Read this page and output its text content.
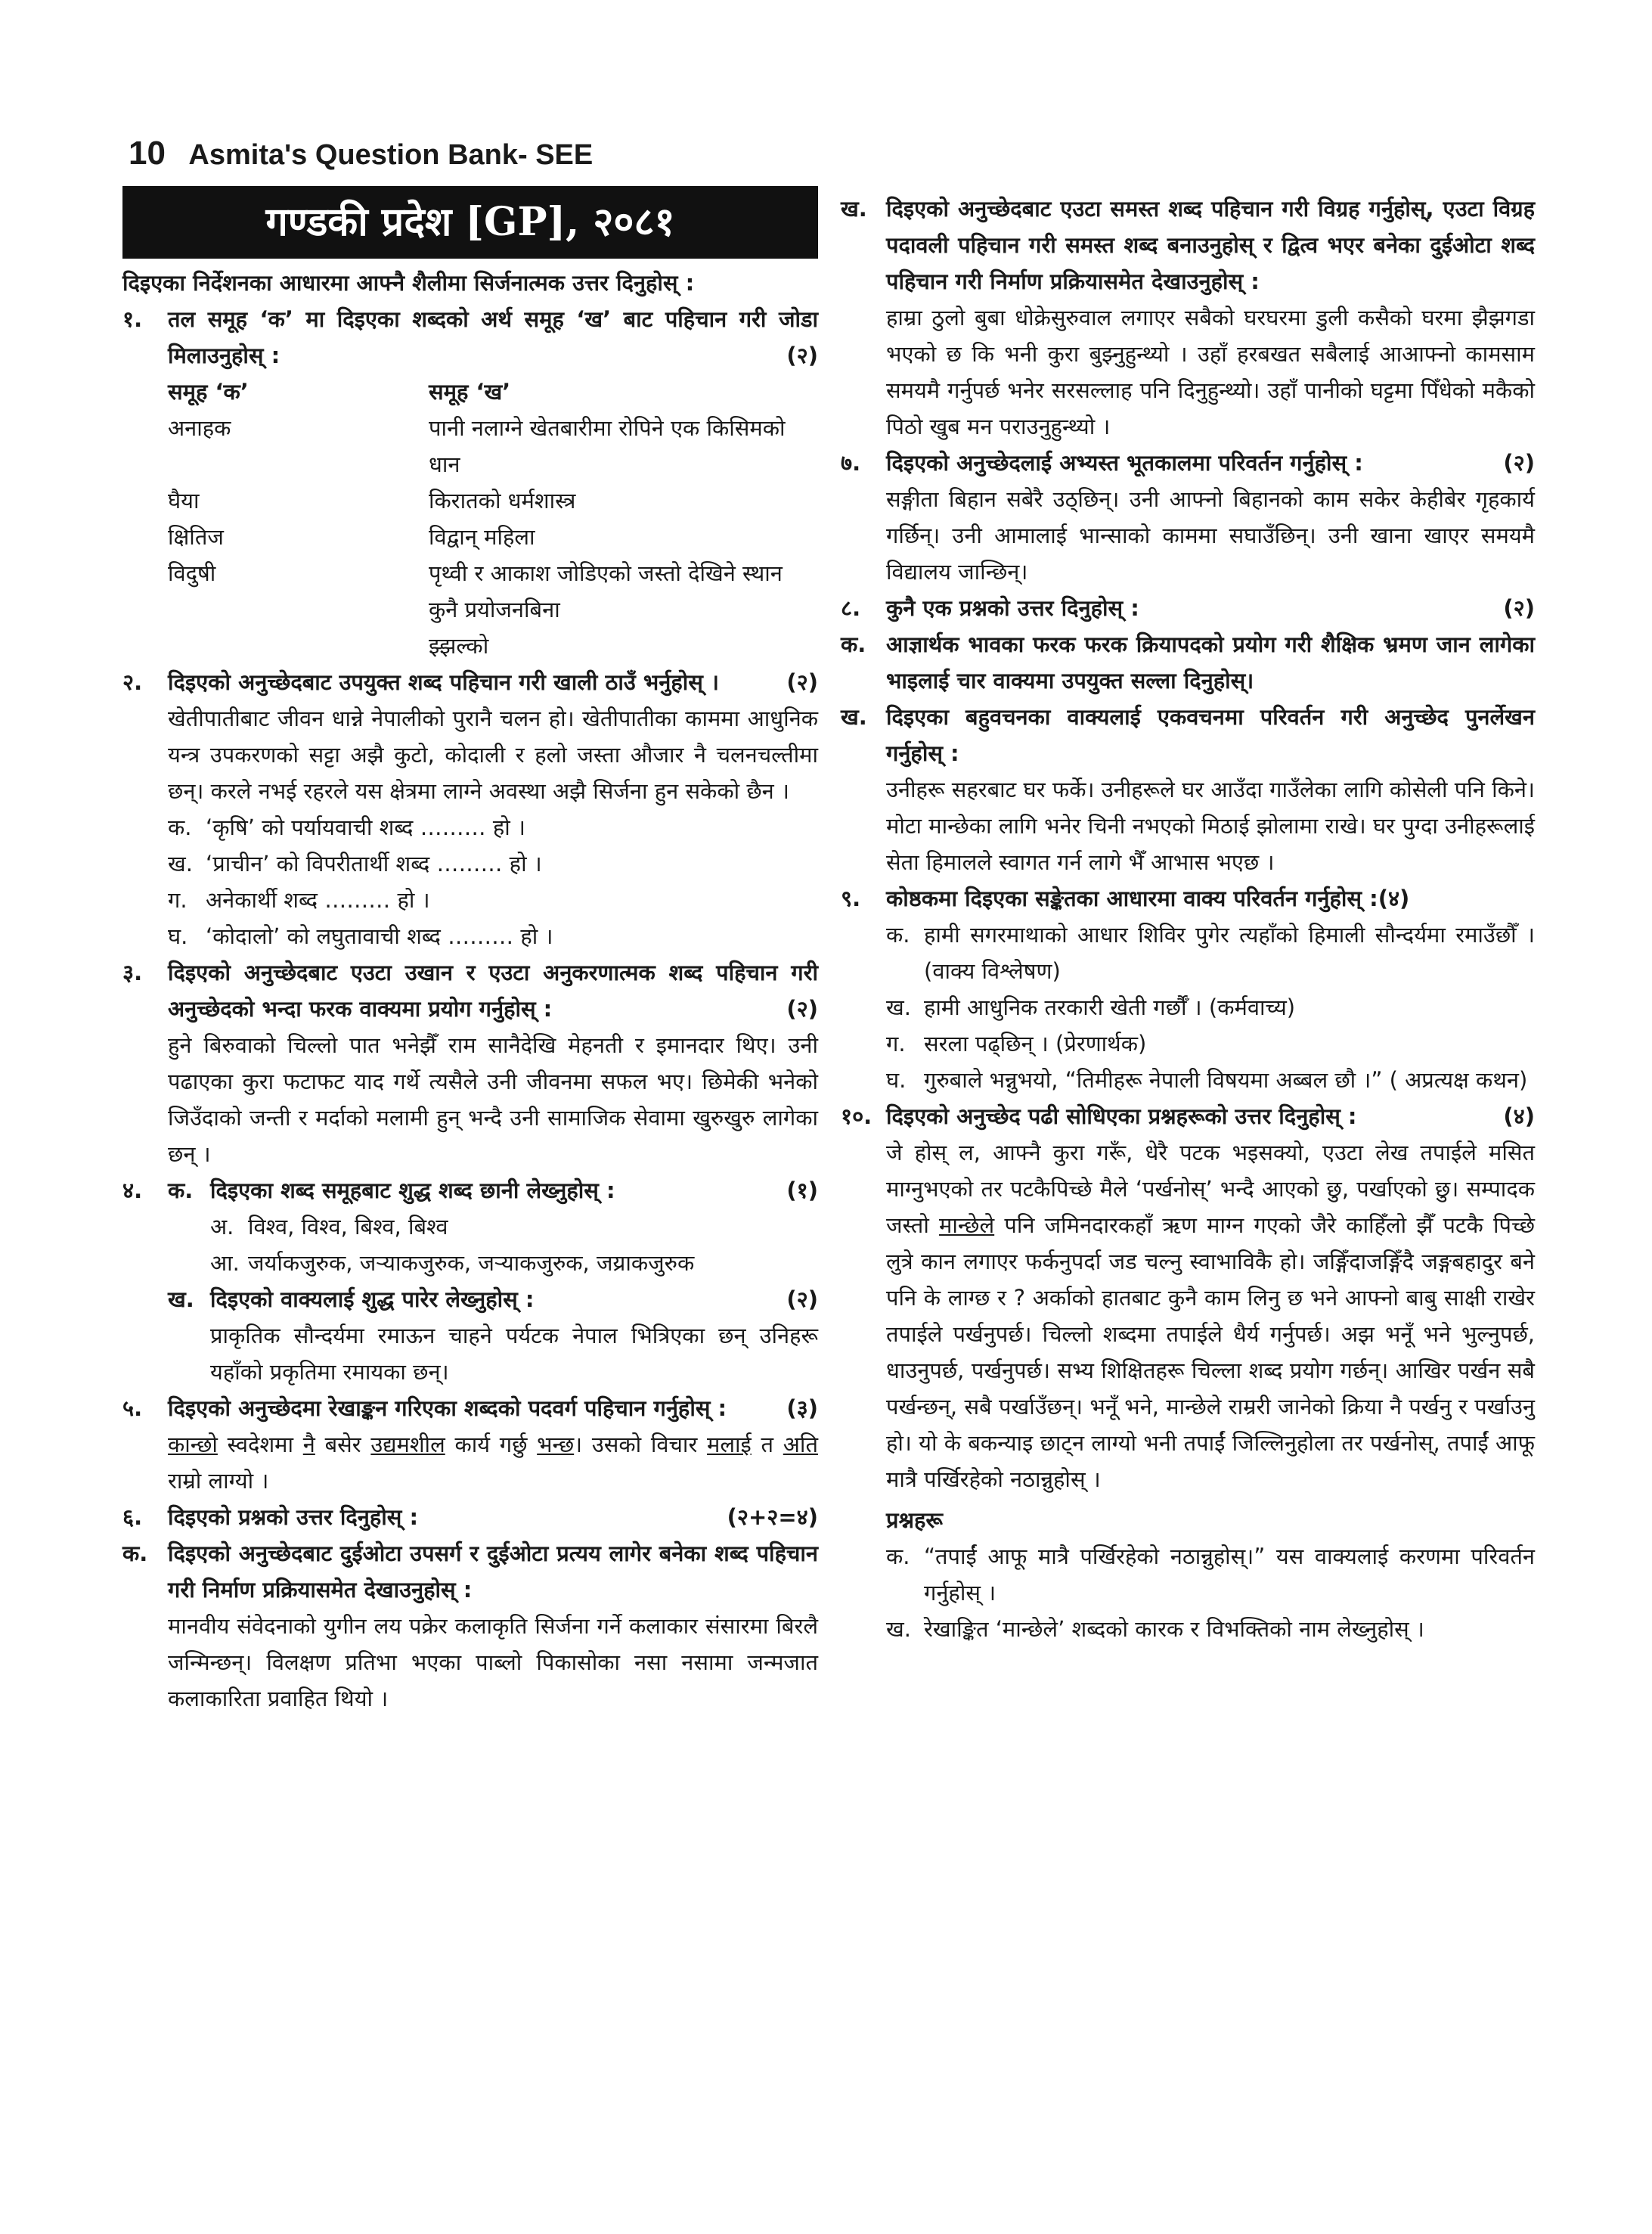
10 Asmita's Question Bank- SEE
गण्डकी प्रदेश [GP], २०८१
दिइएका निर्देशनका आधारमा आफ्नै शैलीमा सिर्जनात्मक उत्तर दिनुहोस् :
१.	तल समूह ‘क’ मा दिइएका शब्दको अर्थ समूह ‘ख’ बाट पहिचान गरी जोडा मिलाउनुहोस् :	(२)
समूह ‘क’	समूह ‘ख’
अनाहक	पानी नलाग्ने खेतबारीमा रोपिने एक किसिमको धान
घैया	किरातको धर्मशास्त्र
क्षितिज	विद्वान् महिला
विदुषी	पृथ्वी र आकाश जोडिएको जस्तो देखिने स्थान
कुनै प्रयोजनबिना
झ्झल्को
२.	दिइएको अनुच्छेदबाट उपयुक्त शब्द पहिचान गरी खाली ठाउँ भर्नुहोस् ।	(२)
खेतीपातीबाट जीवन धान्ने नेपालीको पुरानै चलन हो। खेतीपातीका काममा आधुनिक यन्त्र उपकरणको सट्टा अझै कुटो, कोदाली र हलो जस्ता औजार नै चलनचल्तीमा छन्। करले नभई रहरले यस क्षेत्रमा लाग्ने अवस्था अझै सिर्जना हुन सकेको छैन ।
क. ‘कृषि’ को पर्यायवाची शब्द ……… हो ।
ख. ‘प्राचीन’ को विपरीतार्थी शब्द ……… हो ।
ग. अनेकार्थी शब्द ……… हो ।
घ. ‘कोदालो’ को लघुतावाची शब्द ……… हो ।
३.	दिइएको अनुच्छेदबाट एउटा उखान र एउटा अनुकरणात्मक शब्द पहिचान गरी अनुच्छेदको भन्दा फरक वाक्यमा प्रयोग गर्नुहोस् :	(२)
हुने बिरुवाको चिल्लो पात भनेझैँ राम सानैदेखि मेहनती र इमानदार थिए। उनी पढाएका कुरा फटाफट याद गर्थे त्यसैले उनी जीवनमा सफल भए। छिमेकी भनेको जिउँदाको जन्ती र मर्दाको मलामी हुन् भन्दै उनी सामाजिक सेवामा खुरुखुरु लागेका छन् ।
४.	क. दिइएका शब्द समूहबाट शुद्ध शब्द छानी लेख्नुहोस् :	(१)
अ. विश्व, विश्‍व, बिश्व, बिश्‍व
आ. जर्याकजुरुक, जर्‍याकजुरुक, जऱ्याकजुरुक, जय्राकजुरुक
ख. दिइएको वाक्यलाई शुद्ध पारेर लेख्नुहोस् :	(२)
प्राकृतिक सौन्दर्यमा रमाऊन चाहने पर्यटक नेपाल भित्रिएका छन् उनिहरू यहाँको प्रकृतिमा रमायका छन्।
५.	दिइएको अनुच्छेदमा रेखाङ्कन गरिएका शब्दको पदवर्ग पहिचान गर्नुहोस् :	(३)
कान्छो स्वदेशमा नै बसेर उद्यमशील कार्य गर्छु भन्छ। उसको विचार मलाई त अति राम्रो लाग्यो ।
६.	दिइएको प्रश्नको उत्तर दिनुहोस् :	(२+२=४)
क. दिइएको अनुच्छेदबाट दुईओटा उपसर्ग र दुईओटा प्रत्यय लागेर बनेका शब्द पहिचान गरी निर्माण प्रक्रियासमेत देखाउनुहोस् :
मानवीय संवेदनाको युगीन लय पक्रेर कलाकृति सिर्जना गर्ने कलाकार संसारमा बिरलै जन्मिन्छन्। विलक्षण प्रतिभा भएका पाब्लो पिकासोका नसा नसामा जन्मजात कलाकारिता प्रवाहित थियो ।
ख. दिइएको अनुच्छेदबाट एउटा समस्त शब्द पहिचान गरी विग्रह गर्नुहोस्, एउटा विग्रह पदावली पहिचान गरी समस्त शब्द बनाउनुहोस् र द्वित्व भएर बनेका दुईओटा शब्द पहिचान गरी निर्माण प्रक्रियासमेत देखाउनुहोस् :
हाम्रा ठुलो बुबा धोक्रेसुरुवाल लगाएर सबैको घरघरमा डुली कसैको घरमा झैझगडा भएको छ कि भनी कुरा बुझ्नुहुन्थ्यो । उहाँ हरबखत सबैलाई आआफ्नो कामसाम समयमै गर्नुपर्छ भनेर सरसल्लाह पनि दिनुहुन्थ्यो। उहाँ पानीको घट्टमा पिँधेको मकैको पिठो खुब मन पराउनुहुन्थ्यो ।
७.	दिइएको अनुच्छेदलाई अभ्यस्त भूतकालमा परिवर्तन गर्नुहोस् :	(२)
सङ्गीता बिहान सबेरै उठ्छिन्। उनी आफ्नो बिहानको काम सकेर केहीबेर गृहकार्य गर्छिन्। उनी आमालाई भान्साको काममा सघाउँछिन्। उनी खाना खाएर समयमै विद्यालय जान्छिन्।
८.	कुनै एक प्रश्नको उत्तर दिनुहोस् :	(२)
क. आज्ञार्थक भावका फरक फरक क्रियापदको प्रयोग गरी शैक्षिक भ्रमण जान लागेका भाइलाई चार वाक्यमा उपयुक्त सल्ला दिनुहोस्।
ख. दिइएका बहुवचनका वाक्यलाई एकवचनमा परिवर्तन गरी अनुच्छेद पुनर्लेखन गर्नुहोस् :
उनीहरू सहरबाट घर फर्के। उनीहरूले घर आउँदा गाउँलेका लागि कोसेली पनि किने। मोटा मान्छेका लागि भनेर चिनी नभएको मिठाई झोलामा राखे। घर पुग्दा उनीहरूलाई सेता हिमालले स्वागत गर्न लागे भैँ आभास भएछ ।
९.	कोष्ठकमा दिइएका सङ्केतका आधारमा वाक्य परिवर्तन गर्नुहोस् :(४)
क. हामी सगरमाथाको आधार शिविर पुगेर त्यहाँको हिमाली सौन्दर्यमा रमाउँछौँ । (वाक्य विश्लेषण)
ख. हामी आधुनिक तरकारी खेती गर्छौँ । (कर्मवाच्य)
ग. सरला पढ्छिन् । (प्रेरणार्थक)
घ. गुरुबाले भन्नुभयो, “तिमीहरू नेपाली विषयमा अब्बल छौ ।” ( अप्रत्यक्ष कथन)
१०. दिइएको अनुच्छेद पढी सोधिएका प्रश्नहरूको उत्तर दिनुहोस् :	(४)
जे होस् ल, आफ्नै कुरा गरूँ, धेरै पटक भइसक्यो, एउटा लेख तपाईले मसित माग्नुभएको तर पटकैपिच्छे मैले ‘पर्खनोस्’ भन्दै आएको छु, पर्खाएको छु। सम्पादक जस्तो मान्छेले पनि जमिनदारकहाँ ऋण माग्न गएको जैरे काहिँलो झैँ पटकै पिच्छे लुत्रे कान लगाएर फर्कनुपर्दा जड चल्नु स्वाभाविकै हो। जङ्गिँदाजङ्गिँदै जङ्गबहादुर बने पनि के लाग्छ र ? अर्काको हातबाट कुनै काम लिनु छ भने आफ्नो बाबु साक्षी राखेर तपाईले पर्खनुपर्छ। चिल्लो शब्दमा तपाईले धैर्य गर्नुपर्छ। अझ भनूँ भने भुल्नुपर्छ, धाउनुपर्छ, पर्खनुपर्छ। सभ्य शिक्षितहरू चिल्ला शब्द प्रयोग गर्छन्। आखिर पर्खन सबै पर्खन्छन्, सबै पर्खाउँछन्। भनूँ भने, मान्छेले राम्ररी जानेको क्रिया नै पर्खनु र पर्खाउनु हो। यो के बकन्याइ छाट्न लाग्यो भनी तपाईं जिल्लिनुहोला तर पर्खनोस्, तपाईं आफू मात्रै पर्खिरहेको नठान्नुहोस् ।
प्रश्नहरू
क. “तपाईं आफू मात्रै पर्खिरहेको नठान्नुहोस्।” यस वाक्यलाई करणमा परिवर्तन गर्नुहोस् ।
ख. रेखाङ्कित ‘मान्छेले’ शब्दको कारक र विभक्तिको नाम लेख्नुहोस् ।
